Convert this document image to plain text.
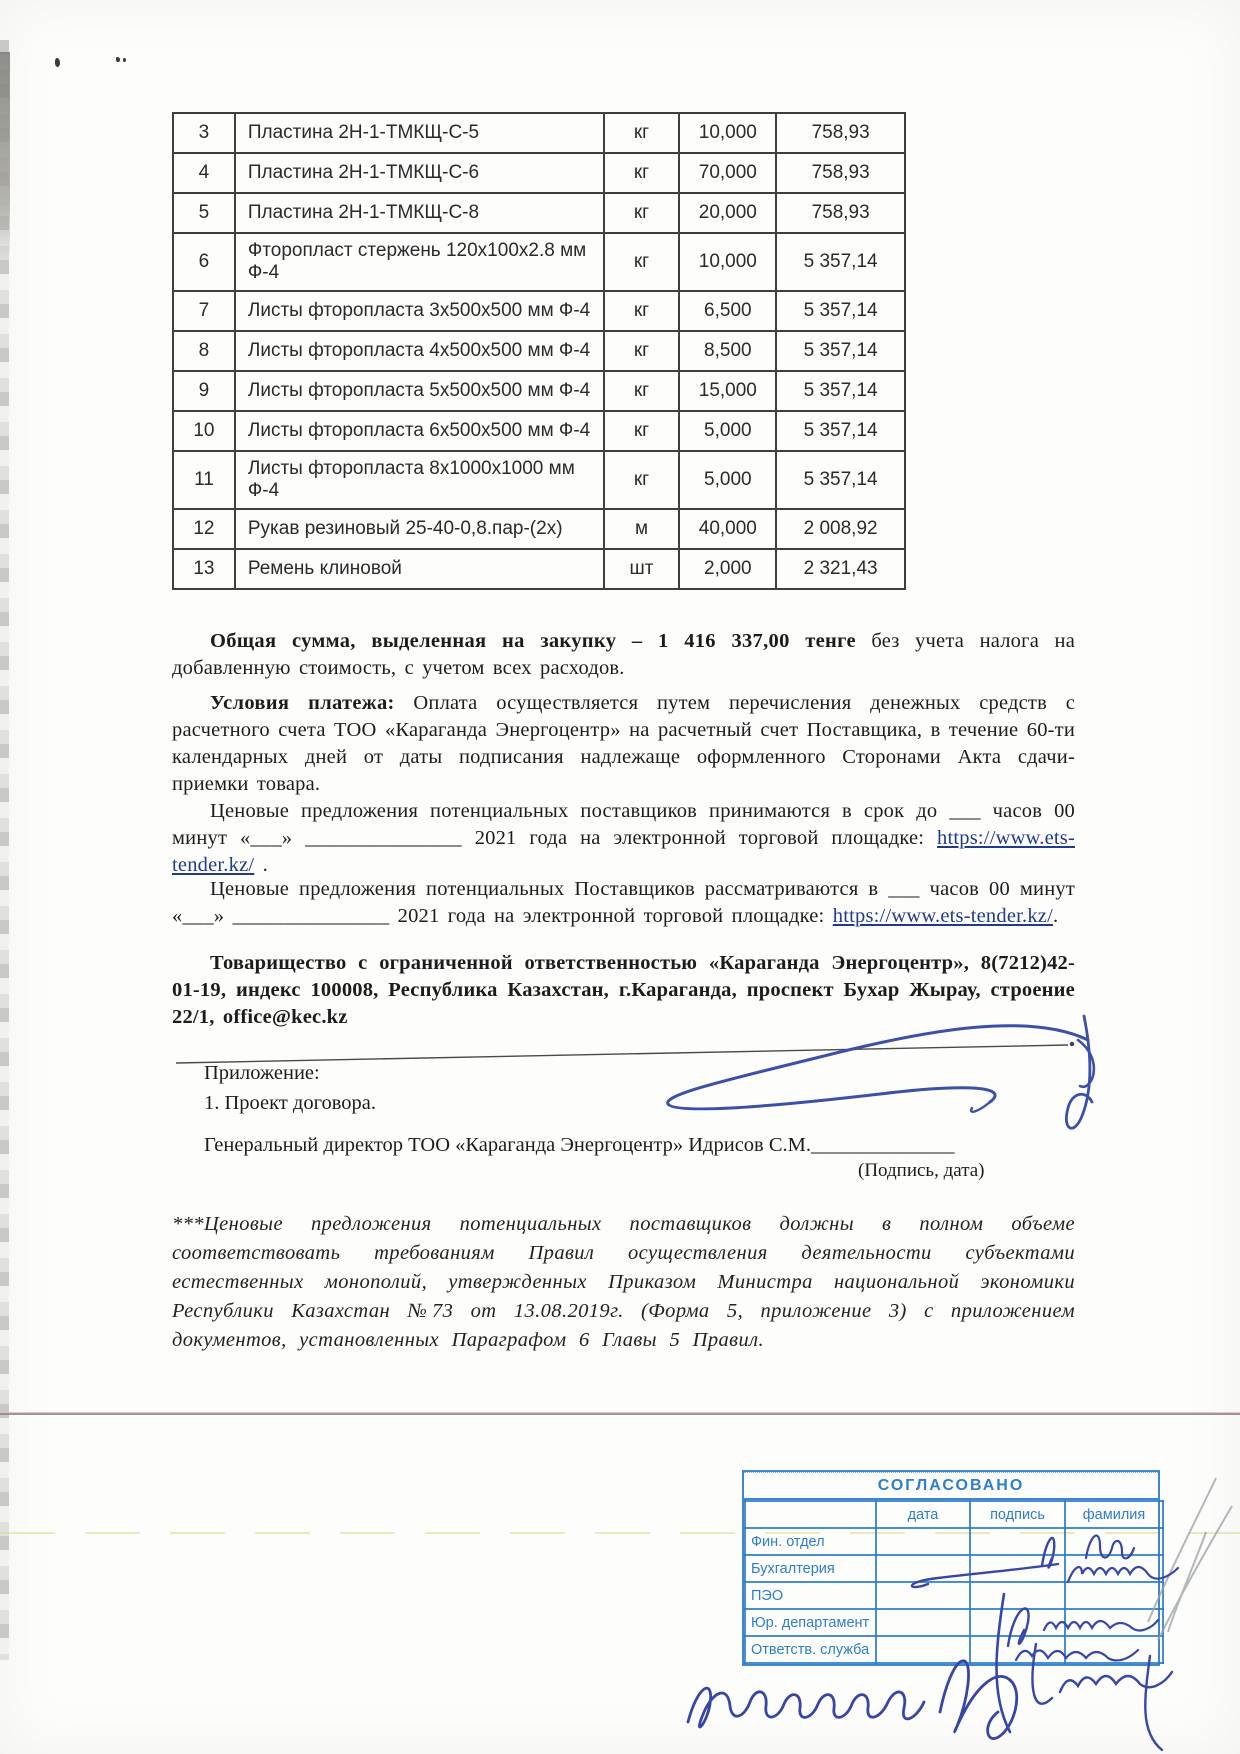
3	Пластина 2Н-1-ТМКЩ-С-5	кг	10,000	758,93
4	Пластина 2Н-1-ТМКЩ-С-6	кг	70,000	758,93
5	Пластина 2Н-1-ТМКЩ-С-8	кг	20,000	758,93
6	Фторопласт стержень 120х100х2.8 мм Ф-4	кг	10,000	5 357,14
7	Листы фторопласта 3х500х500 мм Ф-4	кг	6,500	5 357,14
8	Листы фторопласта 4х500х500 мм Ф-4	кг	8,500	5 357,14
9	Листы фторопласта 5х500х500 мм Ф-4	кг	15,000	5 357,14
10	Листы фторопласта 6х500х500 мм Ф-4	кг	5,000	5 357,14
11	Листы фторопласта 8х1000х1000 мм Ф-4	кг	5,000	5 357,14
12	Рукав резиновый 25-40-0,8.пар-(2х)	м	40,000	2 008,92
13	Ремень клиновой	шт	2,000	2 321,43

Общая сумма, выделенная на закупку – 1 416 337,00 тенге без учета налога на добавленную стоимость, с учетом всех расходов.

Условия платежа: Оплата осуществляется путем перечисления денежных средств с расчетного счета ТОО «Караганда Энергоцентр» на расчетный счет Поставщика, в течение 60-ти календарных дней от даты подписания надлежаще оформленного Сторонами Акта сдачи-приемки товара.

Ценовые предложения потенциальных поставщиков принимаются в срок до ___ часов 00 минут «___» _______________ 2021 года на электронной торговой площадке: https://www.ets-tender.kz/ .

Ценовые предложения потенциальных Поставщиков рассматриваются в ___ часов 00 минут «___» _______________ 2021 года на электронной торговой площадке: https://www.ets-tender.kz/.

Товарищество с ограниченной ответственностью «Караганда Энергоцентр», 8(7212)42-01-19, индекс 100008, Республика Казахстан, г.Караганда, проспект Бухар Жырау, строение 22/1, office@kec.kz

Приложение:

1. Проект договора.

Генеральный директор ТОО «Караганда Энергоцентр» Идрисов С.М.______________

(Подпись, дата)

***Ценовые предложения потенциальных поставщиков должны в полном объеме соответствовать требованиям Правил осуществления деятельности субъектами естественных монополий, утвержденных Приказом Министра национальной экономики Республики Казахстан №73 от 13.08.2019г. (Форма 5, приложение 3) с приложением документов, установленных Параграфом 6 Главы 5 Правил.

СОГЛАСОВАНО
	дата	подпись	фамилия
Фин. отдел			
Бухгалтерия			
ПЭО			
Юр. департамент			
Ответств. служба			
